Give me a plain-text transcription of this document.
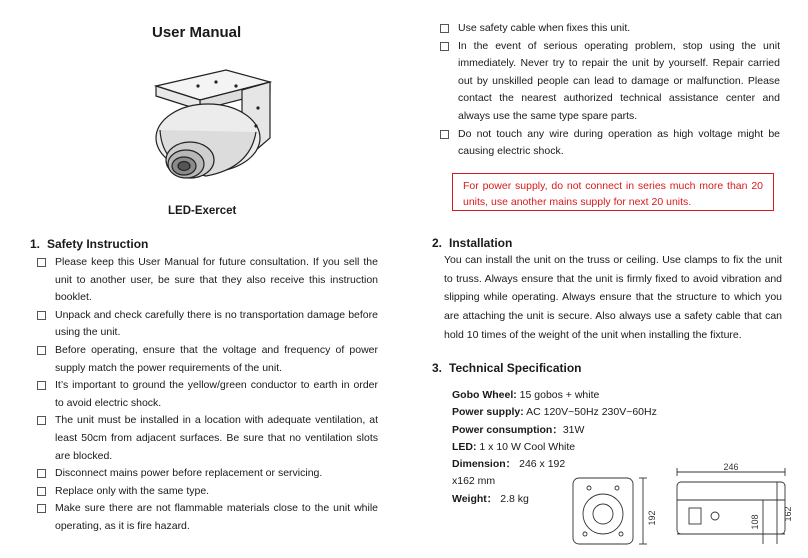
User Manual
LED-Exercet
1. Safety Instruction
Please keep this User Manual for future consultation. If you sell the unit to another user, be sure that they also receive this instruction booklet.
Unpack and check carefully there is no transportation damage before using the unit.
Before operating, ensure that the voltage and frequency of power supply match the power requirements of the unit.
It’s important to ground the yellow/green conductor to earth in order to avoid electric shock.
The unit must be installed in a location with adequate ventilation, at least 50cm from adjacent surfaces. Be sure that no ventilation slots are blocked.
Disconnect mains power before replacement or servicing.
Replace only with the same type.
Make sure there are not flammable materials close to the unit while operating, as it is fire hazard.
Use safety cable when fixes this unit.
In the event of serious operating problem, stop using the unit immediately. Never try to repair the unit by yourself. Repair carried out by unskilled people can lead to damage or malfunction. Please contact the nearest authorized technical assistance center and always use the same type spare parts.
Do not touch any wire during operation as high voltage might be causing electric shock.
For power supply, do not connect in series much more than 20 units, use another mains supply for next 20 units.
2. Installation

You can install the unit on the truss or ceiling. Use clamps to fix the unit to truss. Always ensure that the unit is firmly fixed to avoid vibration and slipping while operating. Always ensure that the structure to which you are attaching the unit is secure. Also always use a safety cable that can hold 10 times of the weight of the unit when installing the fixture.

3. Technical Specification
Gobo Wheel: 15 gobos + white
Power supply: AC 120V~50Hz 230V~60Hz
Power consumption：31W
LED: 1 x 10 W Cool White
Dimension： 246 x 192
x162 mm
Weight： 2.8 kg
246
192	108
162
